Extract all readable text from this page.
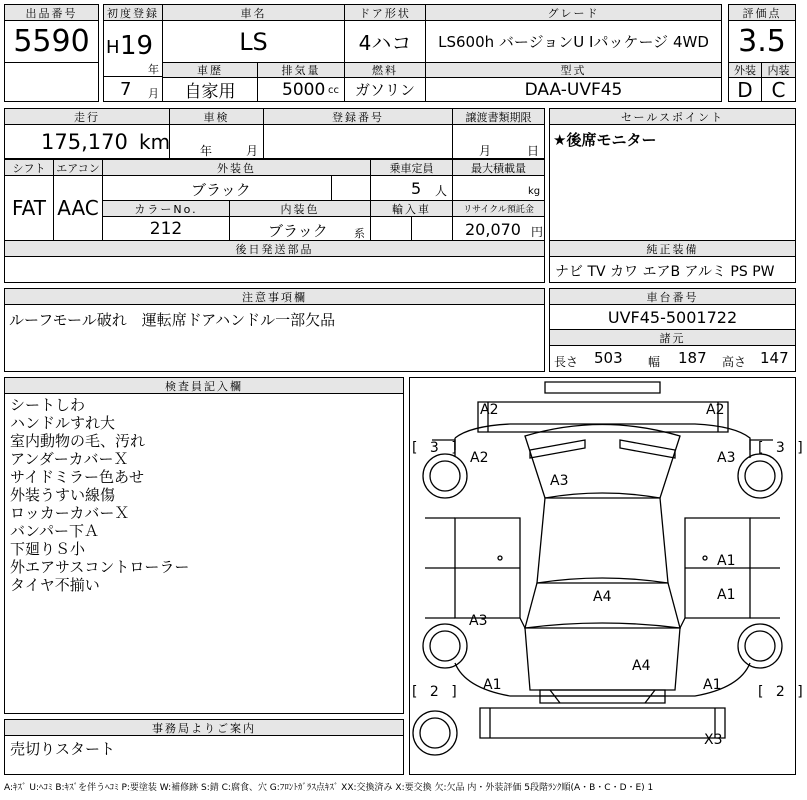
出品番号
5590
初度登録
H 19
年
7 月
車名
LS
ドア形状
4ハコ
グレード
LS600h バージョンU Iパッケージ 4WD
評価点
3.5
外装	内装
D C
車歴
自家用
排気量
5000 cc
燃料
ガソリン
型式
DAA-UVF45
走行
175,170 km
車検
年	月
登録番号	譲渡書類期限
月	日
セールスポイント
★後席モニター
シフト エアコン
FAT AAC
外装色
ブラック
乗車定員
5 人
最大積載量
kg
カラーNo.
212
内装色
ブラック 系
輸入車	リサイクル預託金
20,070 円
後日発送部品	純正装備
ナビ TV カワ エアB アルミ PS PW
注意事項欄
ルーフモール破れ　運転席ドアハンドル一部欠品
車台番号
UVF45-5001722
諸元
長さ 503 幅 187 高さ 147
検査員記入欄
シートしわ
ハンドルすれ大
室内動物の毛、汚れ
アンダーカバーＸ
サイドミラー色あせ
外装うすい線傷
ロッカーカバーＸ
バンパー下Ａ
下廻りＳ小
外エアサスコントローラー
タイヤ不揃い
事務局よりご案内
売切りスタート
A2	A2
A2
A3
A3
A1
A1
A4
A3
A4
A1	A1
X3
[ 3 ]	[ 3 ]
[ 2 ]	[ 2 ]
A:ｷｽﾞ U:ﾍｺﾐ B:ｷｽﾞを伴うﾍｺﾐ P:要塗装 W:補修跡 S:錆 C:腐食、穴 G:ﾌﾛﾝﾄｶﾞﾗｽ点ｷｽﾞ XX:交換済み X:要交換 欠:欠品 内・外装評価 5段階ﾗﾝｸ順(A・B・C・D・E) 1
